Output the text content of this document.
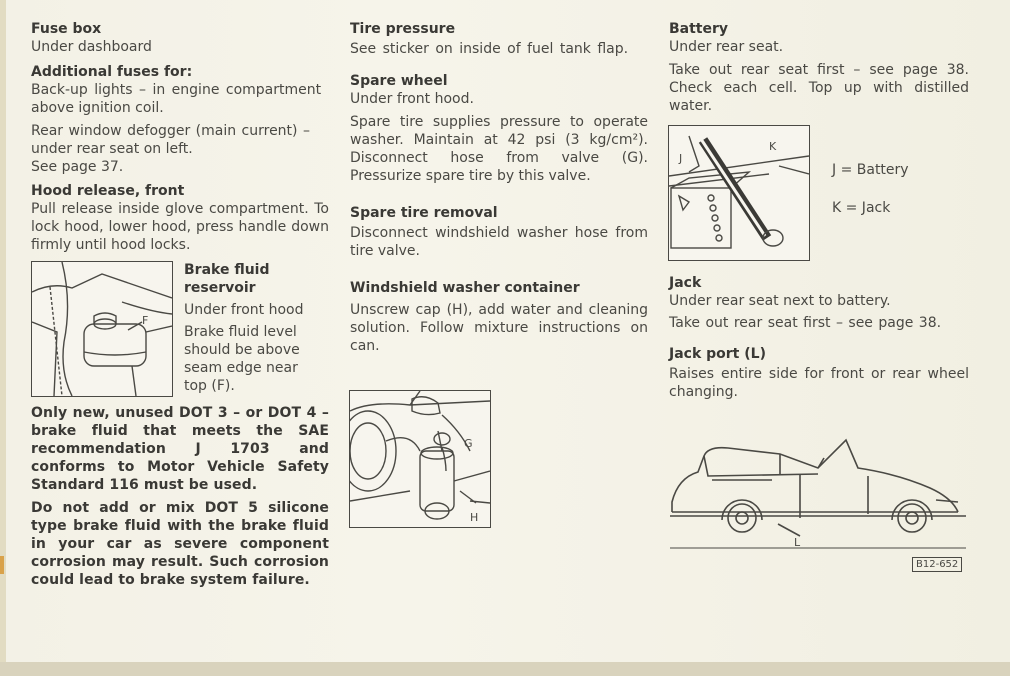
Fuse box

Under dashboard

Additional fuses for:

Back-up lights – in engine compartment

above ignition coil.

Rear window defogger (main current) –

under rear seat on left.

See page 37.

Hood release, front

Pull release inside glove compartment. To lock hood, lower hood, press handle down firmly until hood locks.

F
Brake fluid
reservoir

Under front hood

Brake fluid level should be above seam edge near top (F).

Only new, unused DOT 3 – or DOT 4 – brake fluid that meets the SAE recommendation J 1703 and conforms to Motor Vehicle Safety Standard 116 must be used.

Do not add or mix DOT 5 silicone type brake fluid with the brake fluid in your car as severe component corrosion may result. Such corrosion could lead to brake system failure.

Tire pressure

See sticker on inside of fuel tank flap.

Spare wheel

Under front hood.

Spare tire supplies pressure to operate washer. Maintain at 42 psi (3 kg/cm²). Disconnect hose from valve (G). Pressurize spare tire by this valve.

Spare tire removal

Disconnect windshield washer hose from tire valve.

Windshield washer container

Unscrew cap (H), add water and cleaning solution. Follow mixture instructions on can.

G
H
Battery

Under rear seat.

Take out rear seat first – see page 38. Check each cell. Top up with distilled water.

J
K
J = Battery
K = Jack
Jack

Under rear seat next to battery.

Take out rear seat first – see page 38.

Jack port (L)

Raises entire side for front or rear wheel changing.

L
B12-652
